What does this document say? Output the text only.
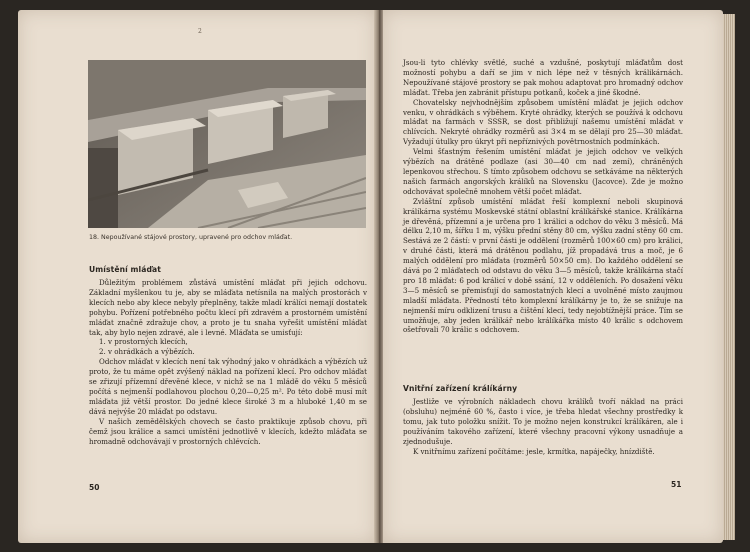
2
18. Nepoužívané stájové prostory, upravené pro odchov mláďat.
Umístění mláďat

Důležitým problémem zůstává umístění mláďat při jejich odchovu. Základní myšlenkou tu je, aby se mláďata netísnila na malých prostorách v klecích nebo aby klece nebyly přeplněny, takže mladí králíci nemají dostatek pohybu. Pořízení potřebného počtu klecí při zdravém a prostorném umístění mláďat značně zdražuje chov, a proto je tu snaha vyřešit umístění mláďat tak, aby bylo nejen zdravé, ale i levné. Mláďata se umisťují:

1. v prostorných klecích,

2. v ohrádkách a výbězích.

Odchov mláďat v klecích není tak výhodný jako v ohrádkách a výbězích už proto, že tu máme opět zvýšený náklad na pořízení klecí. Pro odchov mláďat se zřizují přízemní dřevěné klece, v nichž se na 1 mládě do věku 5 měsíců počítá s nejmenší podlahovou plochou 0,20—0,25 m². Po této době musí mít mláďata již větší prostor. Do jedné klece široké 3 m a hluboké 1,40 m se dává nejvýše 20 mláďat po odstavu.

V našich zemědělských chovech se často praktikuje způsob chovu, při čemž jsou králice a samci umístěni jednotlivě v klecích, kdežto mláďata se hromadně odchovávají v prostorných chlévcích.

50

Jsou-li tyto chlévky světlé, suché a vzdušné, poskytují mláďatům dost možností pohybu a daří se jim v nich lépe než v těsných králikárnách. Nepoužívané stájové prostory se pak mohou adaptovat pro hromadný odchov mláďat. Třeba jen zabránit přístupu potkanů, koček a jiné škodné.

Chovatelsky nejvhodnějším způsobem umístění mláďat je jejich odchov venku, v ohrádkách s výběhem. Kryté ohrádky, kterých se používá k odchovu mláďat na farmách v SSSR, se dost přibližují našemu umístění mláďat v chlívcích. Nekryté ohrádky rozměrů asi 3×4 m se dělají pro 25—30 mláďat. Vyžadují útulky pro úkryt při nepříznivých povětrnostních podmínkách.

Velmi šťastným řešením umístění mláďat je jejich odchov ve velkých výbězích na drátěné podlaze (asi 30—40 cm nad zemí), chráněných lepenkovou střechou. S tímto způsobem odchovu se setkáváme na některých našich farmách angorských králíků na Slovensku (Jacovce). Zde je možno odchovávat společně mnohem větší počet mláďat.

Zvláštní způsob umístění mláďat řeší komplexní neboli skupinová králíkárna systému Moskevské státní oblastní králíkářské stanice. Králíkárna je dřevěná, přízemní a je určena pro 1 králici a odchov do věku 3 měsíců. Má délku 2,10 m, šířku 1 m, výšku přední stěny 80 cm, výšku zadní stěny 60 cm. Sestává ze 2 částí: v první části je oddělení (rozměrů 100×60 cm) pro králici, v druhé části, která má drátěnou podlahu, jíž propadává trus a moč, je 6 malých oddělení pro mláďata (rozměrů 50×50 cm). Do každého oddělení se dává po 2 mláďatech od odstavu do věku 3—5 měsíců, takže králíkárna stačí pro 18 mláďat: 6 pod králicí v době ssání, 12 v odděleních. Po dosažení věku 3—5 měsíců se přemisťují do samostatných klecí a uvolněné místo zaujmou mladší mláďata. Předností této komplexní králíkárny je to, že se snižuje na nejmenší míru odklizení trusu a čištění klecí, tedy nejobtížnější práce. Tím se umožňuje, aby jeden králíkář nebo králíkářka místo 40 králic s odchovem ošetřovali 70 králic s odchovem.

Vnitřní zařízení králíkárny

Jestliže ve výrobních nákladech chovu králíků tvoří náklad na práci (obsluhu) nejméně 60 %, často i více, je třeba hledat všechny prostředky k tomu, jak tuto položku snížit. To je možno nejen konstrukcí králíkáren, ale i používáním takového zařízení, které všechny pracovní výkony usnadňuje a zjednodušuje.

K vnitřnímu zařízení počítáme: jesle, krmítka, napáječky, hnízdiště.

51
